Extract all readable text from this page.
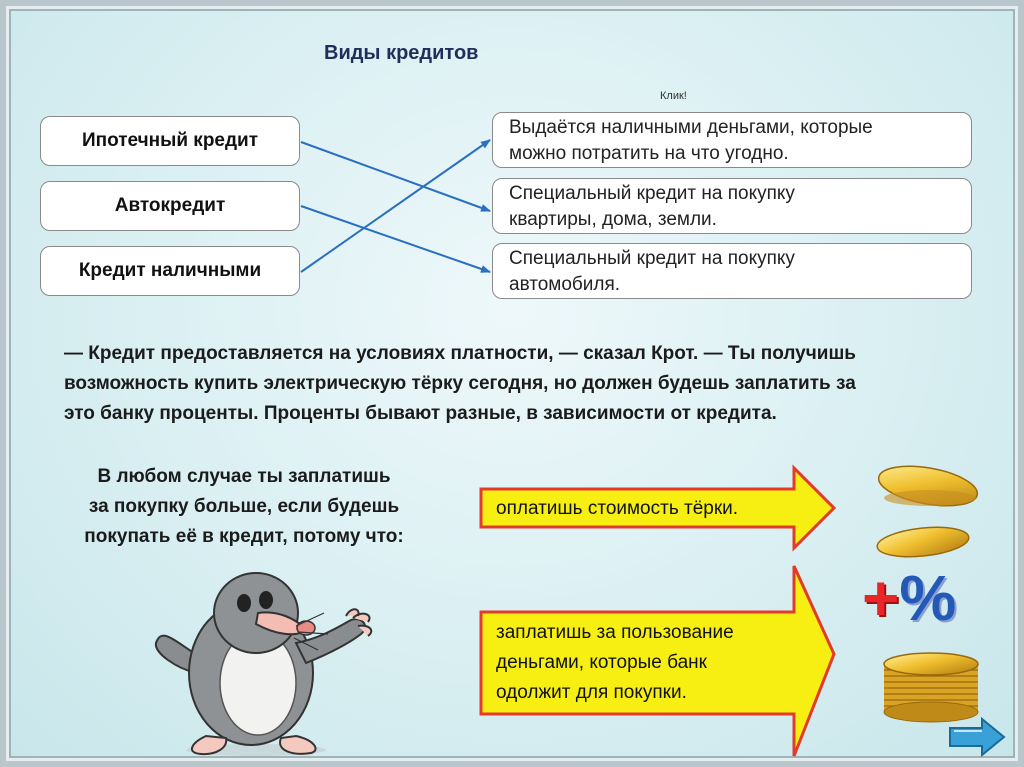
Виды кредитов
Клик!
Ипотечный кредит
Автокредит
Кредит наличными
Выдаётся наличными деньгами, которые
можно потратить на что угодно.
Специальный кредит на покупку
квартиры, дома, земли.
Специальный кредит на покупку
автомобиля.
— Кредит предоставляется на условиях платности, — сказал Крот. — Ты получишь
возможность купить электрическую тёрку сегодня, но должен будешь заплатить за
это банку проценты. Проценты бывают разные, в зависимости от кредита.
В любом случае ты заплатишь
за покупку больше, если будешь
покупать её в кредит, потому что:
оплатишь стоимость тёрки.
заплатишь за пользование
деньгами, которые банк
одолжит для покупки.
+%
